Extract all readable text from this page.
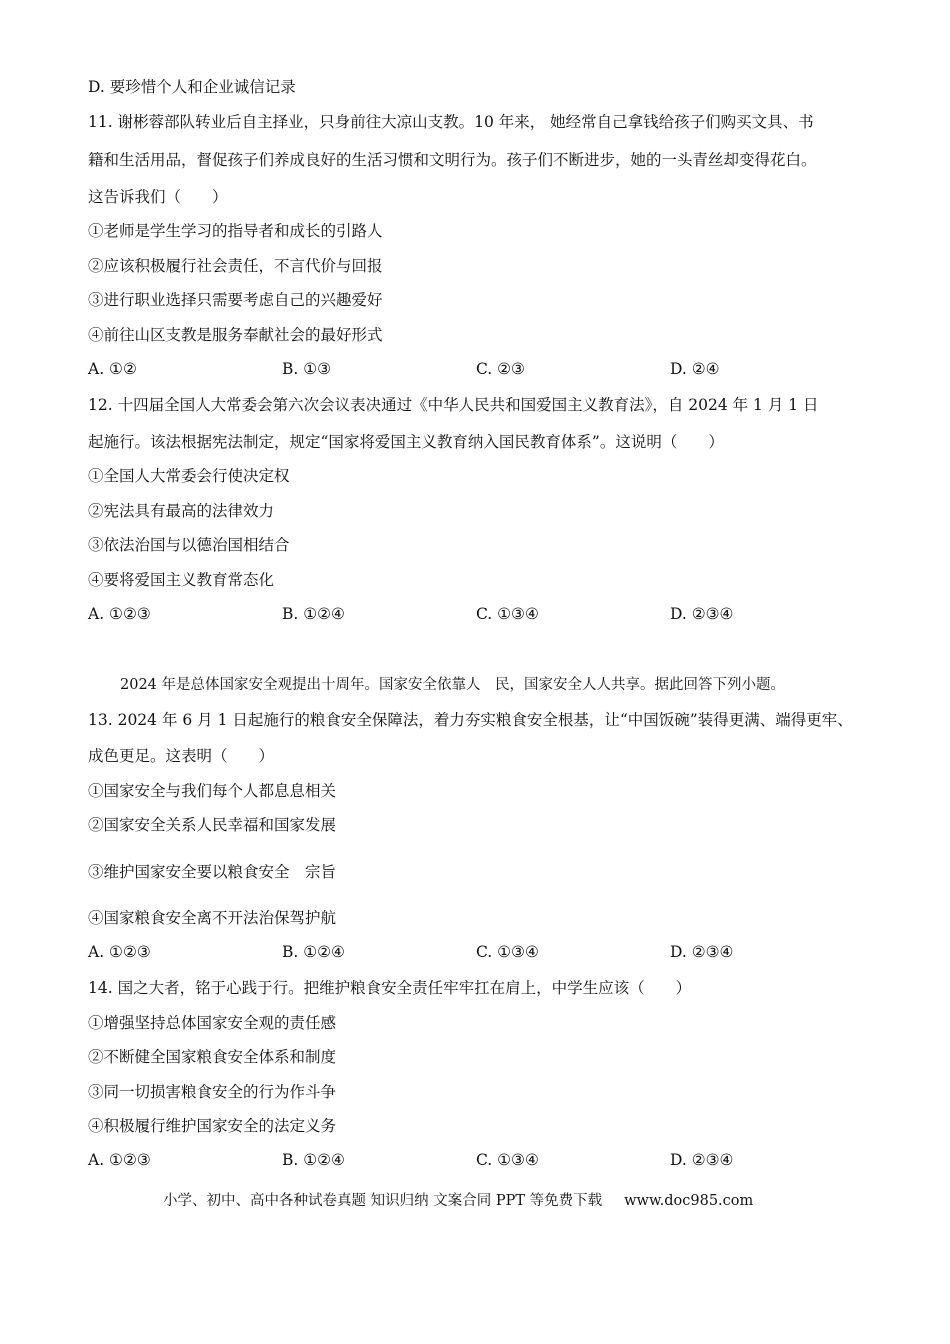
D. 要珍惜个人和企业诚信记录
11. 谢彬蓉部队转业后自主择业，只身前往大凉山支教。10 年来， 她经常自己拿钱给孩子们购买文具、书
籍和生活用品，督促孩子们养成良好的生活习惯和文明行为。孩子们不断进步，她的一头青丝却变得花白。
这告诉我们（　　）
①老师是学生学习的指导者和成长的引路人
②应该积极履行社会责任，不言代价与回报
③进行职业选择只需要考虑自己的兴趣爱好
④前往山区支教是服务奉献社会的最好形式
A. ①②	B. ①③	C. ②③	D. ②④
12. 十四届全国人大常委会第六次会议表决通过《中华人民共和国爱国主义教育法》，自 2024 年 1 月 1 日
起施行。该法根据宪法制定，规定“国家将爱国主义教育纳入国民教育体系”。这说明（　　）
①全国人大常委会行使决定权
②宪法具有最高的法律效力
③依法治国与以德治国相结合
④要将爱国主义教育常态化
A. ①②③	B. ①②④	C. ①③④	D. ②③④
2024 年是总体国家安全观提出十周年。国家安全依靠人　民，国家安全人人共享。据此回答下列小题。
13. 2024 年 6 月 1 日起施行的粮食安全保障法，着力夯实粮食安全根基，让“中国饭碗”装得更满、端得更牢、
成色更足。这表明（　　）
①国家安全与我们每个人都息息相关
②国家安全关系人民幸福和国家发展
③维护国家安全要以粮食安全　宗旨
④国家粮食安全离不开法治保驾护航
A. ①②③	B. ①②④	C. ①③④	D. ②③④
14. 国之大者，铭于心践于行。把维护粮食安全责任牢牢扛在肩上，中学生应该（　　）
①增强坚持总体国家安全观的责任感
②不断健全国家粮食安全体系和制度
③同一切损害粮食安全的行为作斗争
④积极履行维护国家安全的法定义务
A. ①②③	B. ①②④	C. ①③④	D. ②③④
小学、初中、高中各种试卷真题 知识归纳 文案合同 PPT 等免费下载 www.doc985.com
